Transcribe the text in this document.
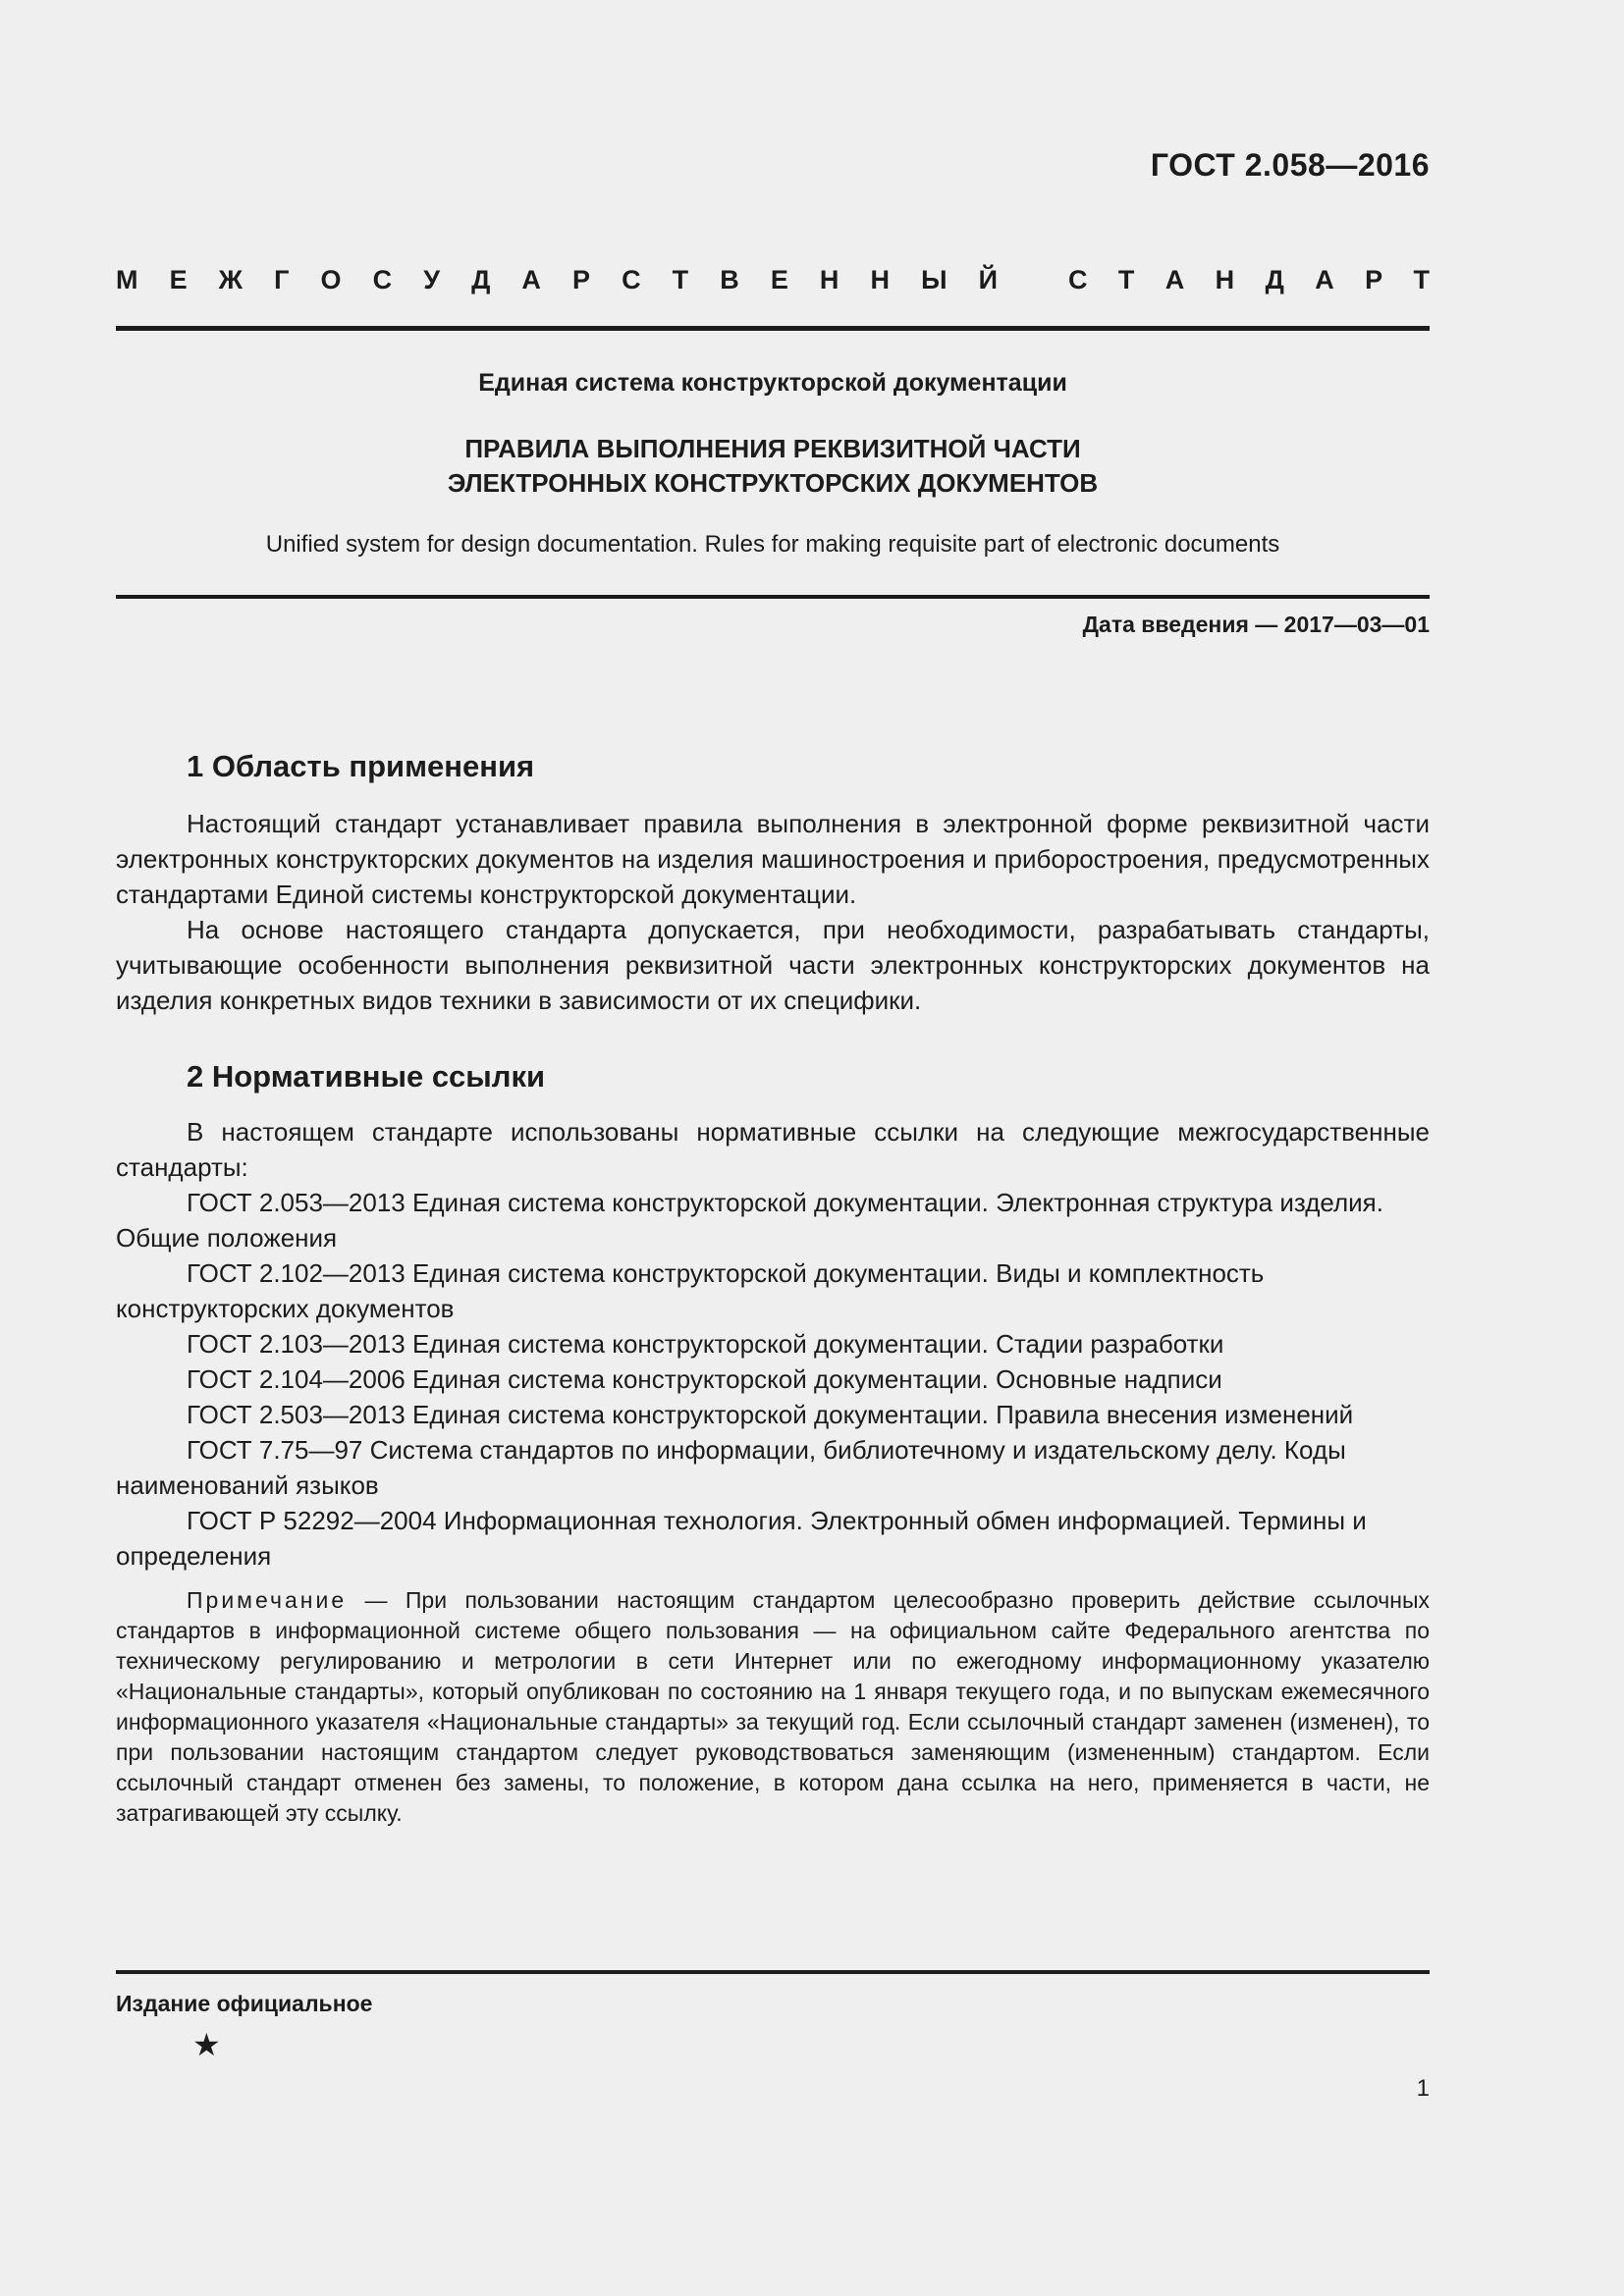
ГОСТ 2.058—2016
М Е Ж Г О С У Д А Р С Т В Е Н Н Ы Й	С Т А Н Д А Р Т
Единая система конструкторской документации
ПРАВИЛА ВЫПОЛНЕНИЯ РЕКВИЗИТНОЙ ЧАСТИ
ЭЛЕКТРОННЫХ КОНСТРУКТОРСКИХ ДОКУМЕНТОВ
Unified system for design documentation. Rules for making requisite part of electronic documents
Дата введения — 2017—03—01
1 Область применения

Настоящий стандарт устанавливает правила выполнения в электронной форме реквизитной части электронных конструкторских документов на изделия машиностроения и приборостроения, предусмотренных стандартами Единой системы конструкторской документации.

На основе настоящего стандарта допускается, при необходимости, разрабатывать стандарты, учитывающие особенности выполнения реквизитной части электронных конструкторских документов на изделия конкретных видов техники в зависимости от их специфики.

2 Нормативные ссылки

В настоящем стандарте использованы нормативные ссылки на следующие межгосударственные стандарты:

ГОСТ 2.053—2013 Единая система конструкторской документации. Электронная структура изделия. Общие положения

ГОСТ 2.102—2013 Единая система конструкторской документации. Виды и комплектность конструкторских документов

ГОСТ 2.103—2013 Единая система конструкторской документации. Стадии разработки

ГОСТ 2.104—2006 Единая система конструкторской документации. Основные надписи

ГОСТ 2.503—2013 Единая система конструкторской документации. Правила внесения изменений

ГОСТ 7.75—97 Система стандартов по информации, библиотечному и издательскому делу. Коды наименований языков

ГОСТ Р 52292—2004 Информационная технология. Электронный обмен информацией. Термины и определения

Примечание — При пользовании настоящим стандартом целесообразно проверить действие ссылочных стандартов в информационной системе общего пользования — на официальном сайте Федерального агентства по техническому регулированию и метрологии в сети Интернет или по ежегодному информационному указателю «Национальные стандарты», который опубликован по состоянию на 1 января текущего года, и по выпускам ежемесячного информационного указателя «Национальные стандарты» за текущий год. Если ссылочный стандарт заменен (изменен), то при пользовании настоящим стандартом следует руководствоваться заменяющим (измененным) стандартом. Если ссылочный стандарт отменен без замены, то положение, в котором дана ссылка на него, применяется в части, не затрагивающей эту ссылку.
Издание официальное
★
1
